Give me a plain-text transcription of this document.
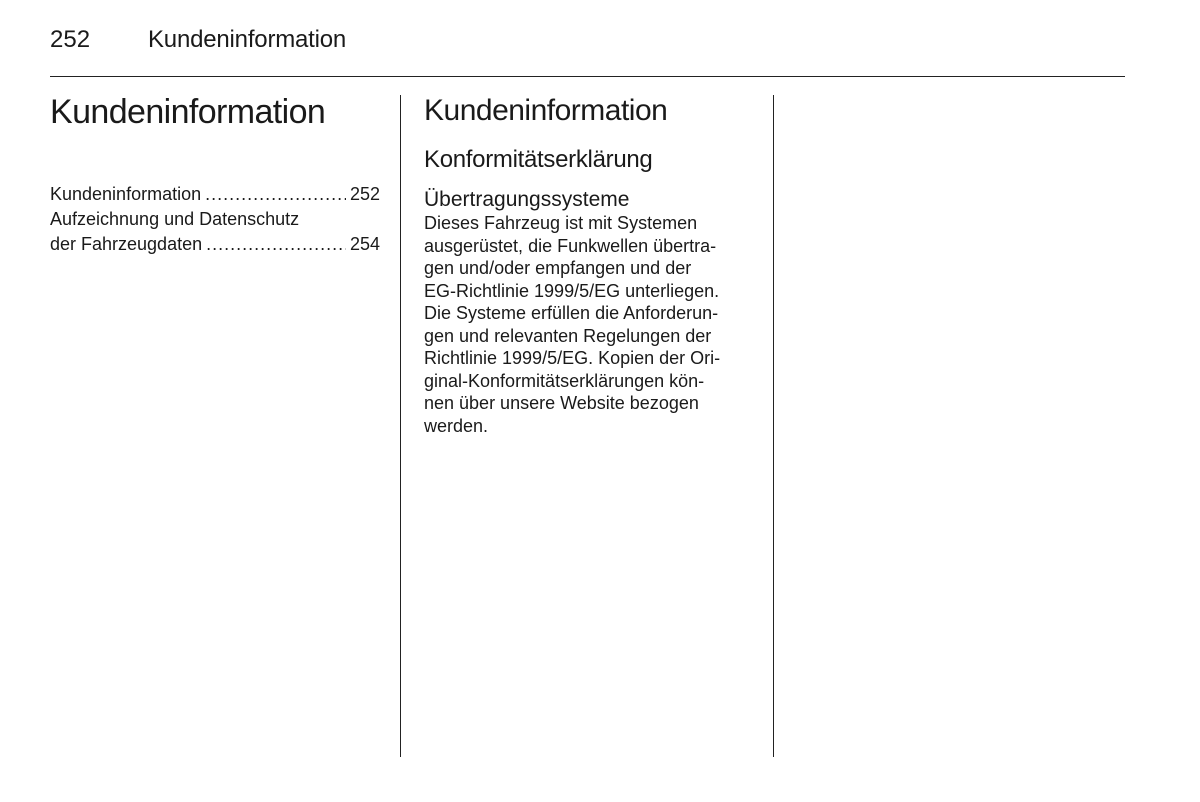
252 Kundeninformation
Kundeninformation
Kundeninformation .....	252
Aufzeichnung und Datenschutz
der Fahrzeugdaten .....	254
Kundeninformation
Konformitätserklärung
Übertragungssysteme

Dieses Fahrzeug ist mit Systemen
ausgerüstet, die Funkwellen übertra-
gen und/oder empfangen und der
EG-Richtlinie 1999/5/EG unterliegen.
Die Systeme erfüllen die Anforderun-
gen und relevanten Regelungen der
Richtlinie 1999/5/EG. Kopien der Ori-
ginal-Konformitätserklärungen kön-
nen über unsere Website bezogen
werden.
